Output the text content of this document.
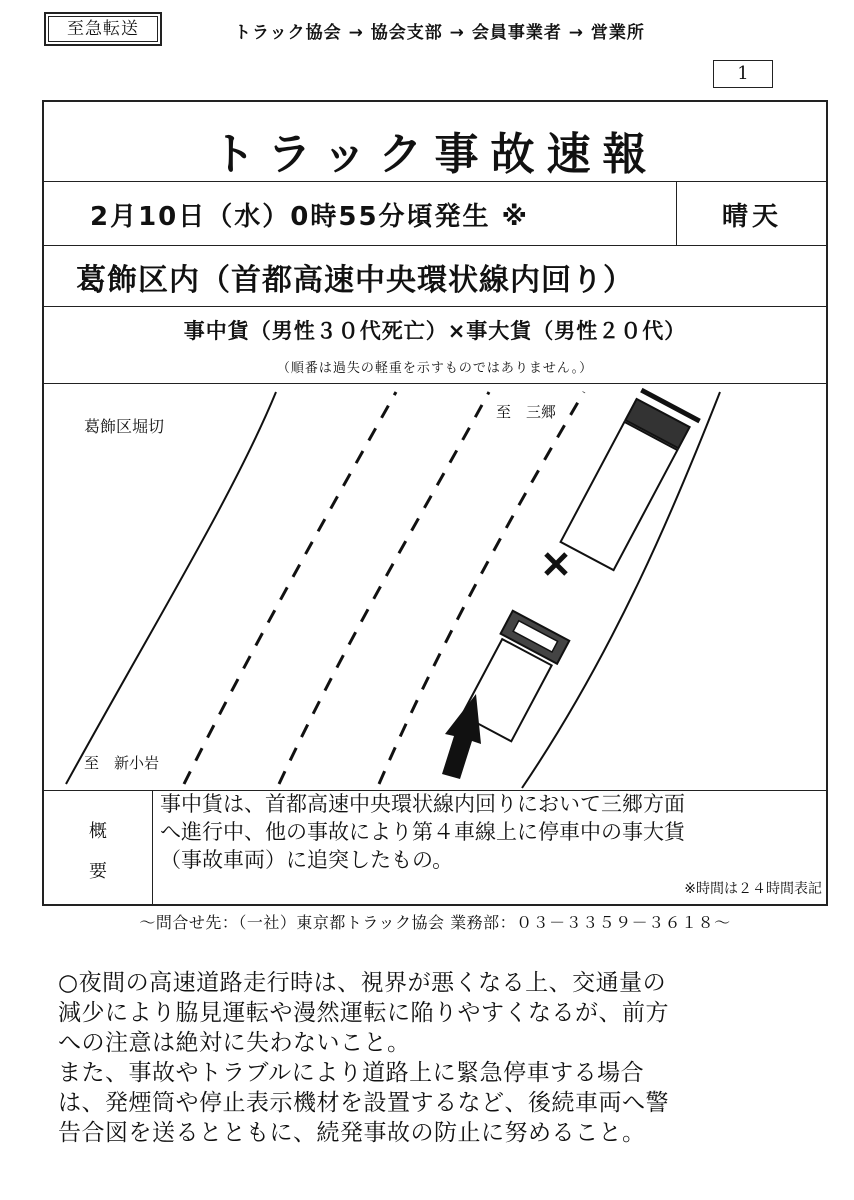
至急転送	トラック協会 → 協会支部 → 会員事業者 → 営業所
1
トラック事故速報
2月10日（水）0時55分頃発生 ※	晴天
葛飾区内（首都高速中央環状線内回り）
事中貨（男性３０代死亡）×事大貨（男性２０代）
（順番は過失の軽重を示すものではありません。）
葛飾区堀切
至　三郷
至　新小岩
概
要
事中貨は、首都高速中央環状線内回りにおいて三郷方面
へ進行中、他の事故により第４車線上に停車中の事大貨
（事故車両）に追突したもの。
※時間は２４時間表記
～問合せ先：（一社）東京都トラック協会 業務部：０３－３３５９－３６１８～
○夜間の高速道路走行時は、視界が悪くなる上、交通量の
減少により脇見運転や漫然運転に陥りやすくなるが、前方
への注意は絶対に失わないこと。
また、事故やトラブルにより道路上に緊急停車する場合
は、発煙筒や停止表示機材を設置するなど、後続車両へ警
告合図を送るとともに、続発事故の防止に努めること。
